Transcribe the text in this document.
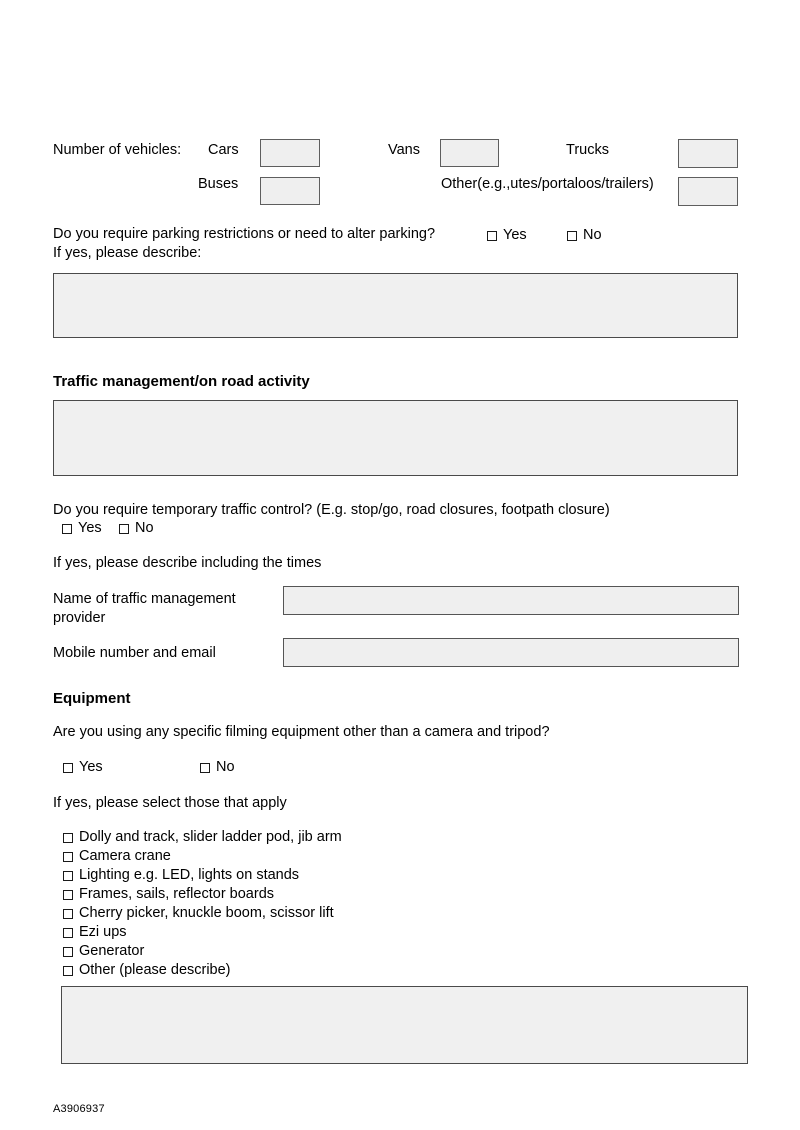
Number of vehicles: Cars	Vans	Trucks
Buses	Other(e.g.,utes/portaloos/trailers)
Do you require parking restrictions or need to alter parking?	Yes	No
If yes, please describe:
Traffic management/on road activity
Do you require temporary traffic control? (E.g. stop/go, road closures, footpath closure)
Yes No
If yes, please describe including the times
Name of traffic management provider
Mobile number and email
Equipment
Are you using any specific filming equipment other than a camera and tripod?
Yes	No
If yes, please select those that apply
Dolly and track, slider ladder pod, jib arm
Camera crane
Lighting e.g. LED, lights on stands
Frames, sails, reflector boards
Cherry picker, knuckle boom, scissor lift
Ezi ups
Generator
Other (please describe)
A3906937
